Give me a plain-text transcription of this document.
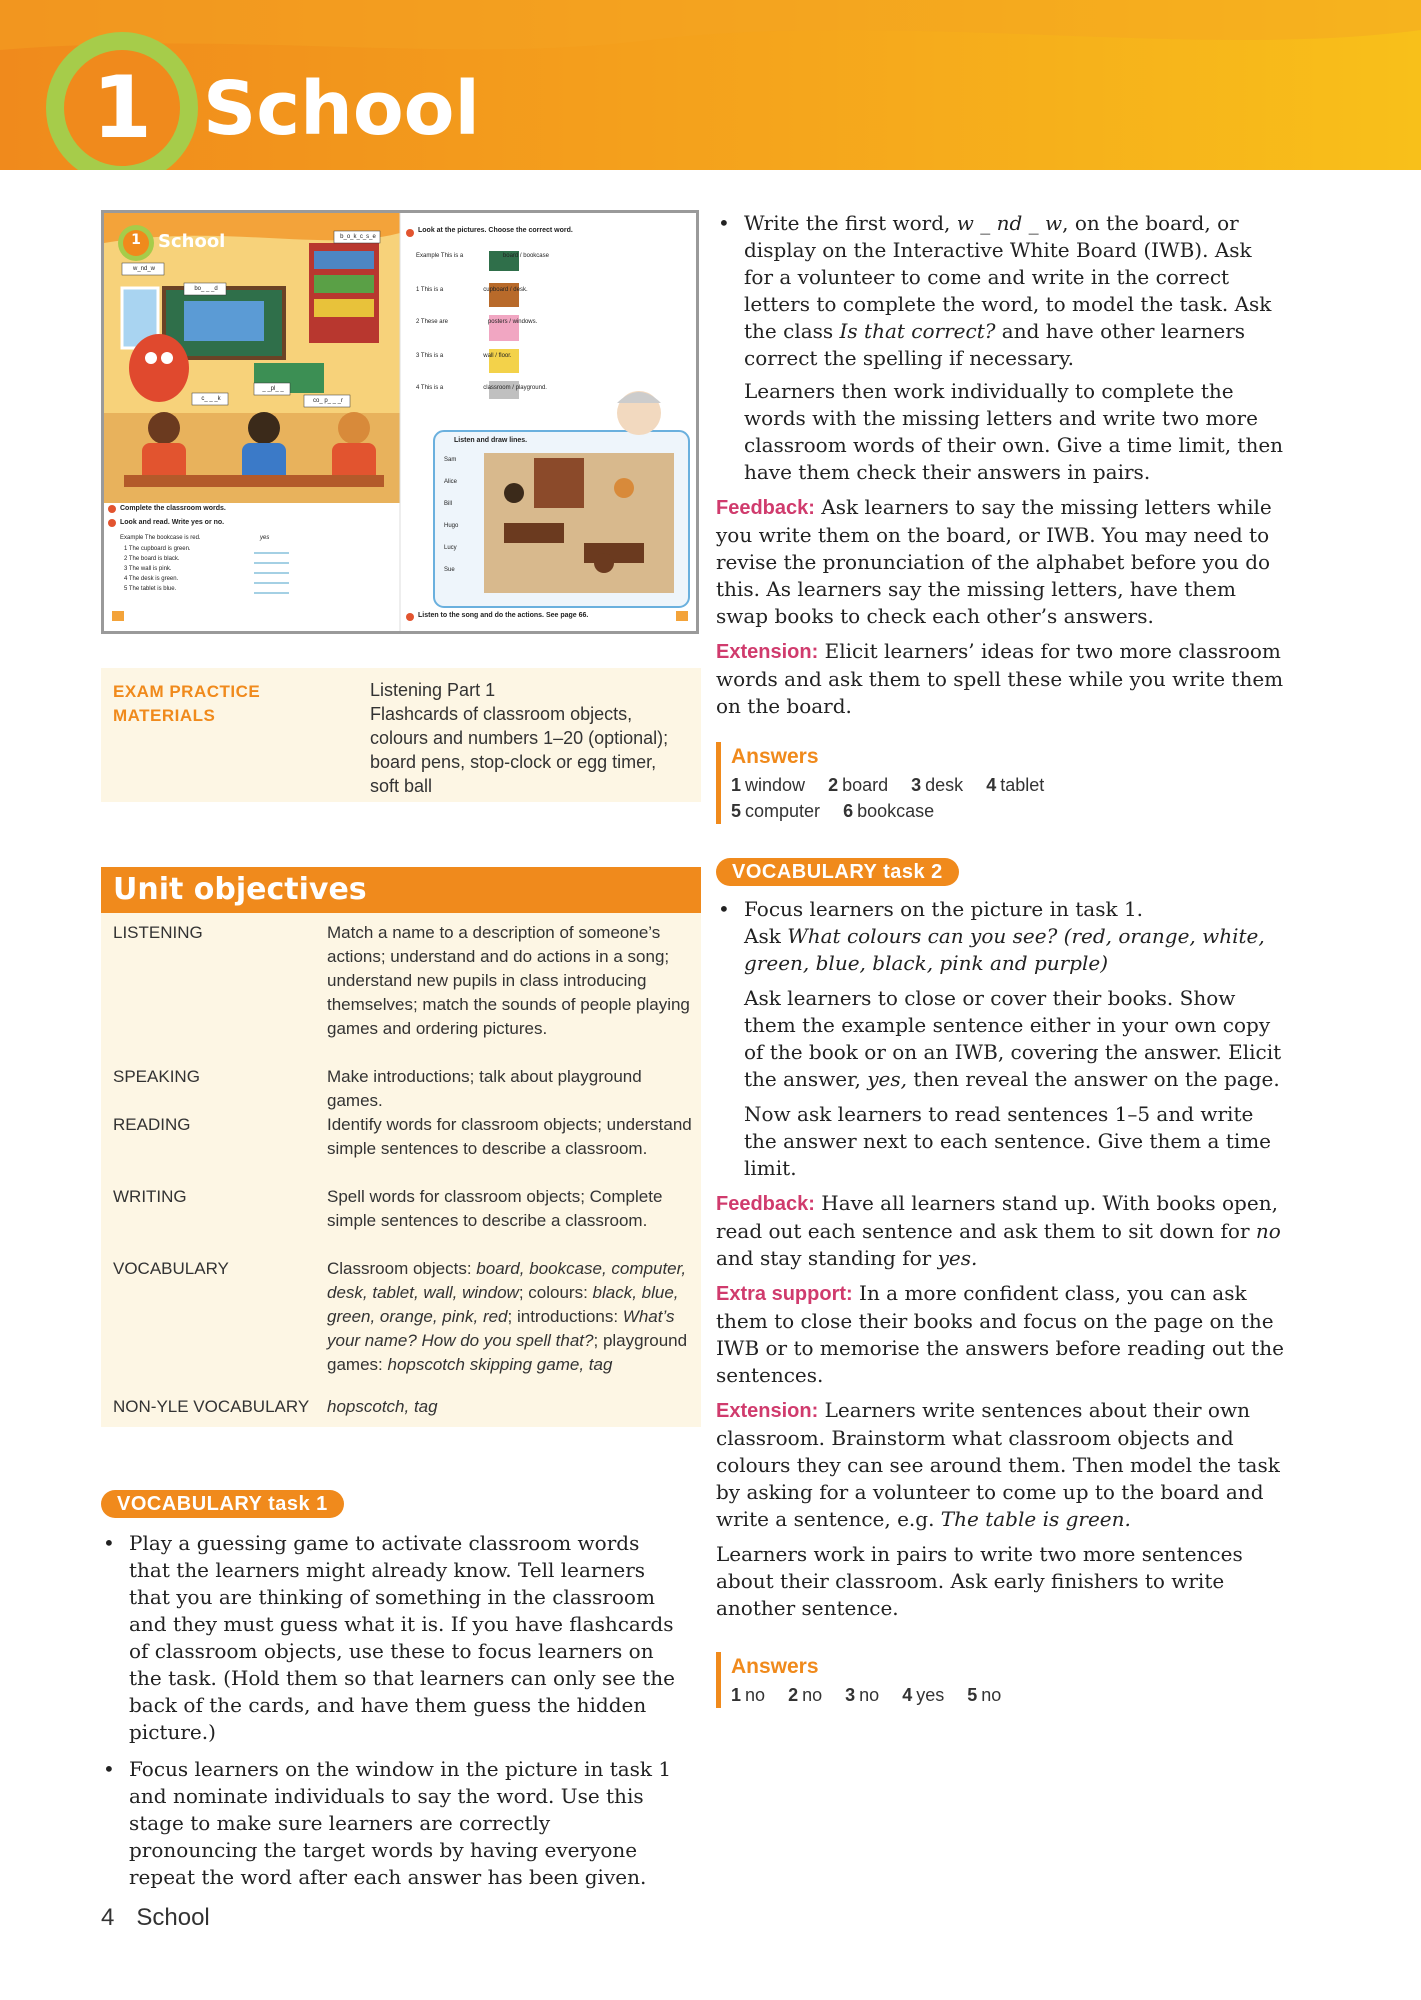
1 School
1 School	b_o_k_c_s_e
w_nd_w
bo_ _ _d
c_ _ _k
_ _pl_ _
co_ p_ _ _r
Look at the pictures. Choose the correct word.
Example This is a	board / bookcase
1 This is a	cupboard / desk.
2 These are	posters / windows.
3 This is a	wall / floor.
4 This is a	classroom / playground.
Listen and draw lines.
Sam
Alice
Bill
Hugo
Lucy
Sue
Complete the classroom words.
Look and read. Write yes or no.
Example The bookcase is red.	yes
1 The cupboard is green.
2 The board is black.
3 The wall is pink.
4 The desk is green.
5 The tablet is blue.
Listen to the song and do the actions. See page 66.
EXAM PRACTICE
MATERIALS
Listening Part 1
Flashcards of classroom objects,
colours and numbers 1–20 (optional);
board pens, stop-clock or egg timer,
soft ball
Unit objectives
LISTENING	Match a name to a description of someone’s actions; understand and do actions in a song; understand new pupils in class introducing themselves; match the sounds of people playing games and ordering pictures.
SPEAKING	Make introductions; talk about playground games.
READING	Identify words for classroom objects; understand simple sentences to describe a classroom.
WRITING	Spell words for classroom objects; Complete simple sentences to describe a classroom.
VOCABULARY	Classroom objects: board, bookcase, computer, desk, tablet, wall, window; colours: black, blue, green, orange, pink, red; introductions: What’s your name? How do you spell that?; playground games: hopscotch skipping game, tag
NON-YLE VOCABULARY hopscotch, tag
VOCABULARY task 1
• Play a guessing game to activate classroom words that the learners might already know. Tell learners that you are thinking of something in the classroom and they must guess what it is. If you have flashcards of classroom objects, use these to focus learners on the task. (Hold them so that learners can only see the back of the cards, and have them guess the hidden picture.)
• Focus learners on the window in the picture in task 1 and nominate individuals to say the word. Use this stage to make sure learners are correctly pronouncing the target words by having everyone repeat the word after each answer has been given.
• Write the first word, w _ nd _ w, on the board, or display on the Interactive White Board (IWB). Ask for a volunteer to come and write in the correct letters to complete the word, to model the task. Ask the class Is that correct? and have other learners correct the spelling if necessary.
Learners then work individually to complete the words with the missing letters and write two more classroom words of their own. Give a time limit, then have them check their answers in pairs.
Feedback: Ask learners to say the missing letters while you write them on the board, or IWB. You may need to revise the pronunciation of the alphabet before you do this. As learners say the missing letters, have them swap books to check each other’s answers.
Extension: Elicit learners’ ideas for two more classroom words and ask them to spell these while you write them on the board.
Answers
1 window 2 board 3 desk 4 tablet
5 computer 6 bookcase
VOCABULARY task 2
• Focus learners on the picture in task 1.
Ask What colours can you see? (red, orange, white, green, blue, black, pink and purple)
Ask learners to close or cover their books. Show them the example sentence either in your own copy of the book or on an IWB, covering the answer. Elicit the answer, yes, then reveal the answer on the page.
Now ask learners to read sentences 1–5 and write the answer next to each sentence. Give them a time limit.
Feedback: Have all learners stand up. With books open, read out each sentence and ask them to sit down for no and stay standing for yes.
Extra support: In a more confident class, you can ask them to close their books and focus on the page on the IWB or to memorise the answers before reading out the sentences.
Extension: Learners write sentences about their own classroom. Brainstorm what classroom objects and colours they can see around them. Then model the task by asking for a volunteer to come up to the board and write a sentence, e.g. The table is green.
Learners work in pairs to write two more sentences about their classroom. Ask early finishers to write another sentence.
Answers
1 no 2 no 3 no 4 yes 5 no
4 School
